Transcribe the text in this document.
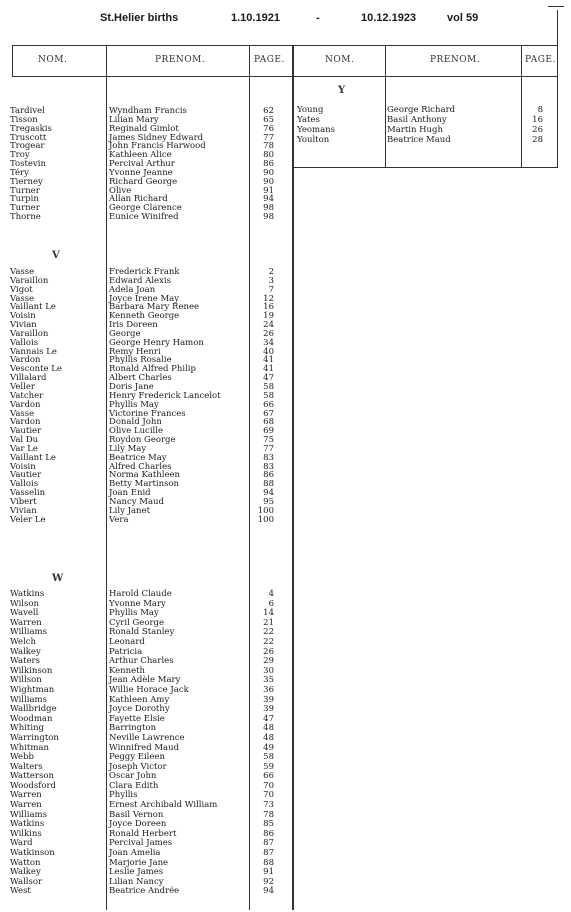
St.Helier births	1.10.1921	-	10.12.1923	vol 59
NOM.	PRENOM.	PAGE.	NOM.	PRENOM.	PAGE.
Y
V
W
Tardivel	Wyndham Francis	62
Tisson	Lilian Mary	65
Tregaskis	Reginald Gimlot	76
Truscott	James Sidney Edward	77
Trogear	John Francis Harwood	78
Troy	Kathleen Alice	80
Tostevin	Percival Arthur	86
Téry	Yvonne Jeanne	90
Tierney	Richard George	90
Turner	Olive	91
Turpin	Allan Richard	94
Turner	George Clarence	98
Thorne	Eunice Winifred	98
Vasse	Frederick Frank	2
Varaillon	Edward Alexis	3
Vigot	Adela Joan	7
Vasse	Joyce Irene May	12
Vaillant Le	Barbara Mary Renee	16
Voisin	Kenneth George	19
Vivian	Iris Doreen	24
Varaillon	George	26
Vallois	George Henry Hamon	34
Vannais Le	Remy Henri	40
Vardon	Phyllis Rosalie	41
Vesconte Le	Ronald Alfred Philip	41
Villalard	Albert Charles	47
Veller	Doris Jane	58
Vatcher	Henry Frederick Lancelot	58
Vardon	Phyllis May	66
Vasse	Victorine Frances	67
Vardon	Donald John	68
Vautier	Olive Lucille	69
Val Du	Roydon George	75
Var Le	Lily May	77
Vaillant Le	Beatrice May	83
Voisin	Alfred Charles	83
Vautier	Norma Kathleen	86
Vallois	Betty Martinson	88
Vasselin	Joan Enid	94
Vibert	Nancy Maud	95
Vivian	Lily Janet	100
Veler Le	Vera	100
Watkins	Harold Claude	4
Wilson	Yvonne Mary	6
Wavell	Phyllis May	14
Warren	Cyril George	21
Williams	Ronald Stanley	22
Welch	Leonard	22
Walkey	Patricia	26
Waters	Arthur Charles	29
Wilkinson	Kenneth	30
Willson	Jean Adèle Mary	35
Wightman	Willie Horace Jack	36
Williams	Kathleen Amy	39
Wallbridge	Joyce Dorothy	39
Woodman	Fayette Elsie	47
Whiting	Barrington	48
Warrington	Neville Lawrence	48
Whitman	Winnifred Maud	49
Webb	Peggy Eileen	58
Walters	Joseph Victor	59
Watterson	Oscar John	66
Woodsford	Clara Edith	70
Warren	Phyllis	70
Warren	Ernest Archibald William	73
Williams	Basil Vernon	78
Watkins	Joyce Doreen	85
Wilkins	Ronald Herbert	86
Ward	Percival James	87
Watkinson	Joan Amelia	87
Watton	Marjorie Jane	88
Walkey	Leslie James	91
Wallsor	Lilian Nancy	92
West	Beatrice Andrée	94
Young	George Richard	8
Yates	Basil Anthony	16
Yeomans	Martin Hugh	26
Youlton	Beatrice Maud	28
